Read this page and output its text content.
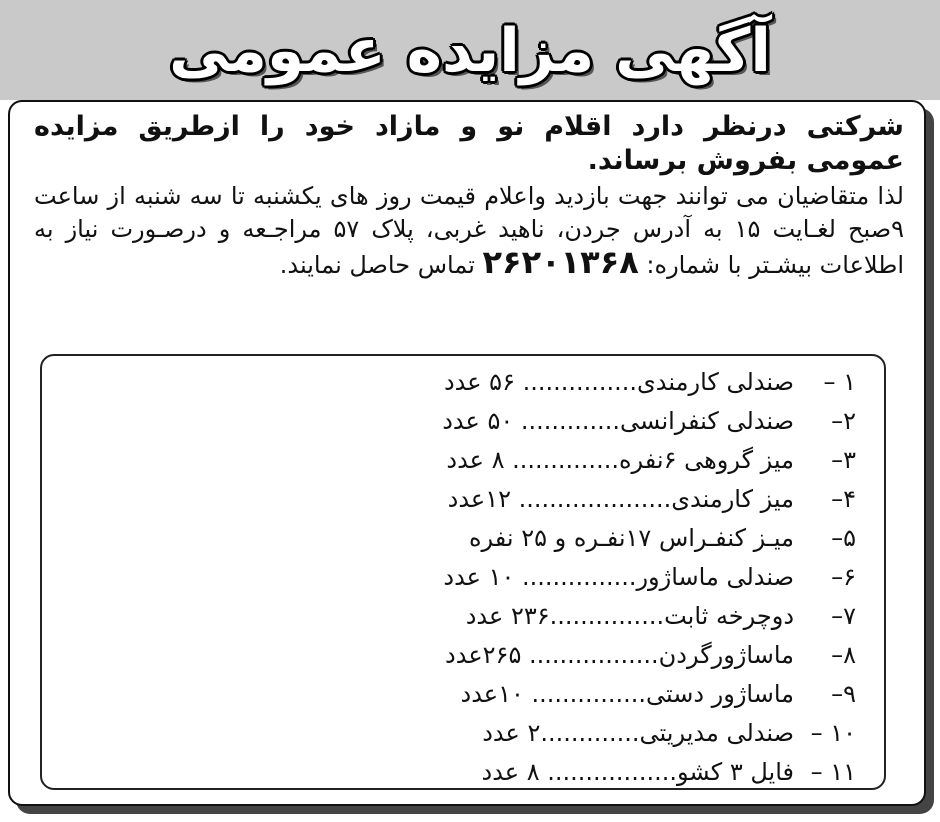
آگهی مزایده عمومی

شرکتی درنظر دارد اقلام نو و مازاد خود را ازطریق مزایده عمومی بفروش برساند.

لذا متقاضیان می توانند جهت بازدید واعلام قیمت روز های یکشنبه تا سه شنبه از ساعت ۹صبح لغـایت ۱۵ به آدرس جردن، ناهید غربی، پلاک ۵۷ مراجـعه و درصـورت نیاز به اطلاعات بیشـتر با شماره: ۲۶۲۰۱۳۶۸ تماس حاصل نمایند.

۱ –
صندلی کارمندی............... ۵۶ عدد
۲–
صندلی کنفرانسی............. ۵۰ عدد
۳–
میز گروهی ۶نفره.............. ۸ عدد
۴–
میز کارمندی.................... ۱۲عدد
۵–
میـز کنفـراس ۱۷نفـره و ۲۵ نفره
۶–
صندلی ماساژور............... ۱۰ عدد
۷–
دوچرخه ثابت...............۲۳۶ عدد
۸–
ماساژورگردن................. ۲۶۵عدد
۹–
ماساژور دستی............... ۱۰عدد
۱۰ –
صندلی مدیریتی.............۲ عدد
۱۱ –
فایل ۳ کشو................. ۸ عدد
